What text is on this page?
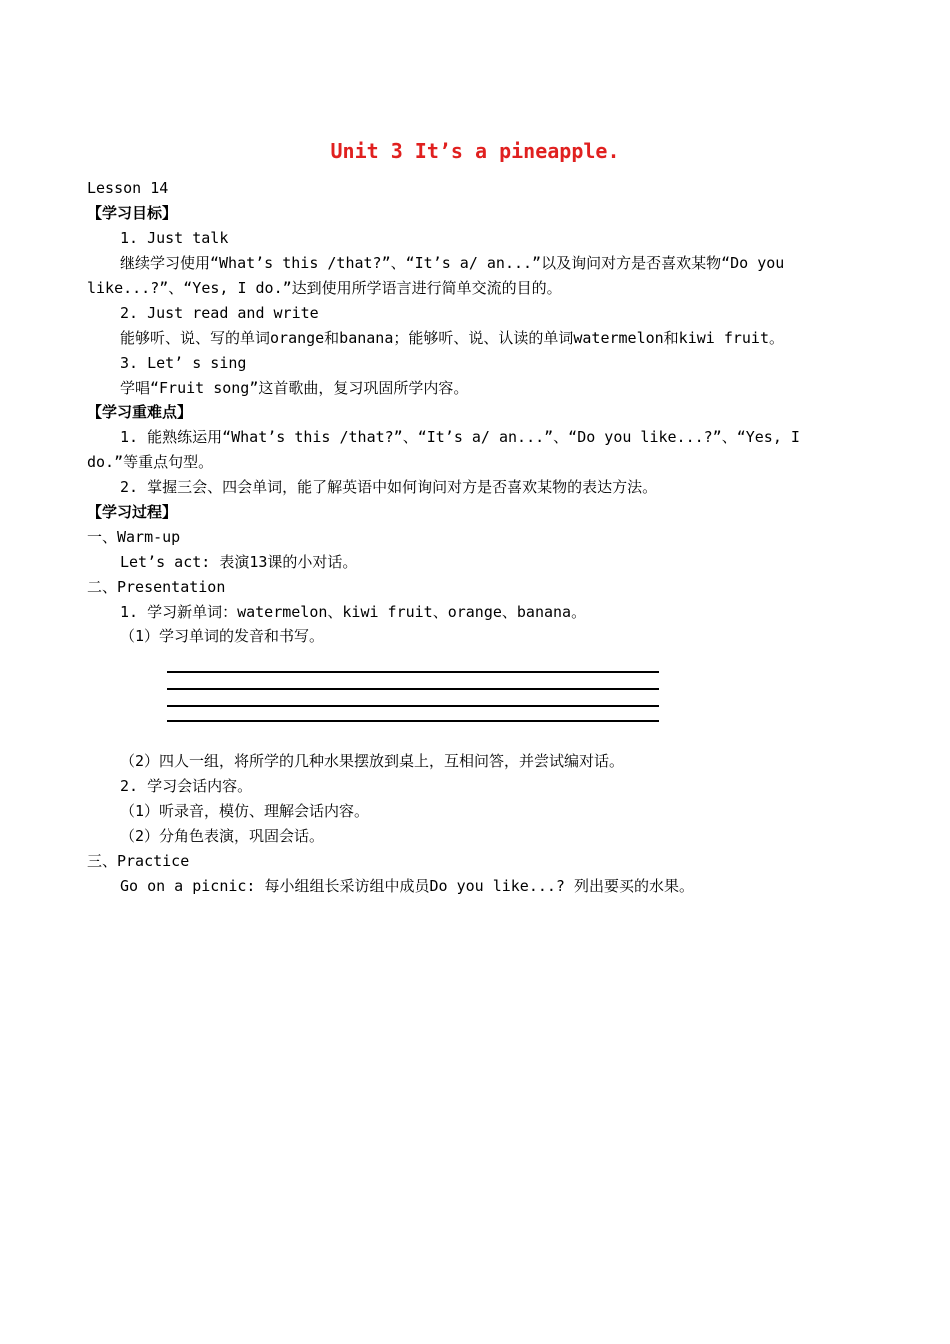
Unit 3 It’s a pineapple.
Lesson 14
【学习目标】
1. Just talk
继续学习使用“What’s this /that?”、“It’s a/ an...”以及询问对方是否喜欢某物“Do you
like...?”、“Yes, I do.”达到使用所学语言进行简单交流的目的。
2. Just read and write
能够听、说、写的单词orange和banana；能够听、说、认读的单词watermelon和kiwi fruit。
3. Let’ s sing
学唱“Fruit song”这首歌曲，复习巩固所学内容。
【学习重难点】
1. 能熟练运用“What’s this /that?”、“It’s a/ an...”、“Do you like...?”、“Yes, I
do.”等重点句型。
2. 掌握三会、四会单词，能了解英语中如何询问对方是否喜欢某物的表达方法。
【学习过程】
一、Warm-up
Let’s act: 表演13课的小对话。
二、Presentation
1. 学习新单词：watermelon、kiwi fruit、orange、banana。
（1）学习单词的发音和书写。
（2）四人一组，将所学的几种水果摆放到桌上，互相问答，并尝试编对话。
2. 学习会话内容。
（1）听录音，模仿、理解会话内容。
（2）分角色表演，巩固会话。
三、Practice
Go on a picnic: 每小组组长采访组中成员Do you like...? 列出要买的水果。
